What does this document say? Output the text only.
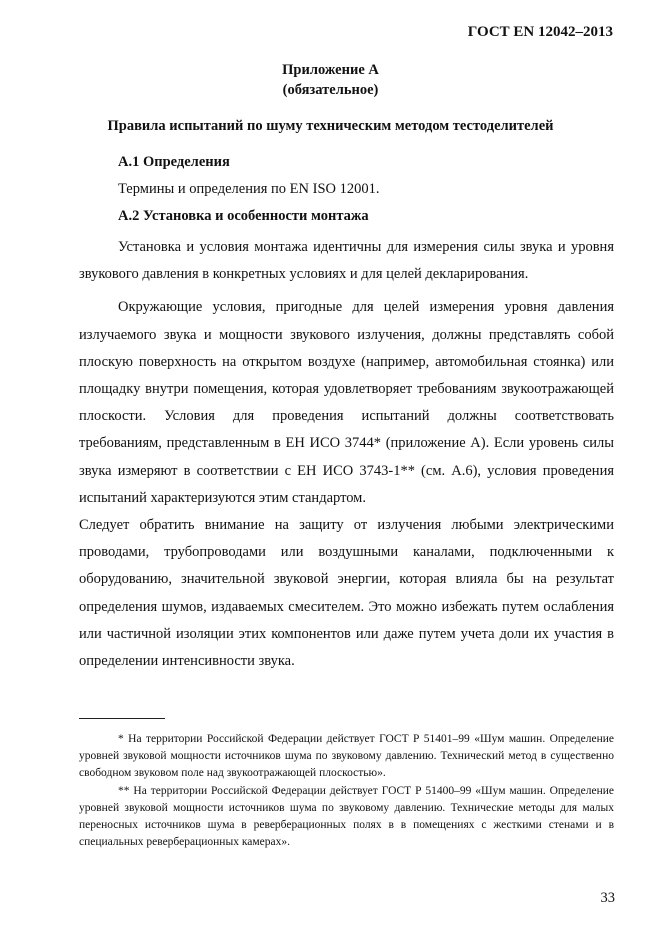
ГОСТ EN 12042–2013
Приложение А
(обязательное)
Правила испытаний по шуму техническим методом тестоделителей
А.1 Определения
Термины и определения по EN ISO 12001.
А.2 Установка и особенности монтажа

Установка и условия монтажа идентичны для измерения силы звука и уровня звукового давления в конкретных условиях и для целей декларирования.

Окружающие условия, пригодные для целей измерения уровня давления излучаемого звука и мощности звукового излучения, должны представлять собой плоскую поверхность на открытом воздухе (например, автомобильная стоянка) или площадку внутри помещения, которая удовлетворяет требованиям звукоотражающей плоскости. Условия для проведения испытаний должны соответствовать требованиям, представленным в ЕН ИСО 3744* (приложение А). Если уровень силы звука измеряют в соответствии с ЕН ИСО 3743-1** (см. А.6), условия проведения испытаний характеризуются этим стандартом.

Следует обратить внимание на защиту от излучения любыми электрическими проводами, трубопроводами или воздушными каналами, подключенными к оборудованию, значительной звуковой энергии, которая влияла бы на результат определения шумов, издаваемых смесителем. Это можно избежать путем ослабления или частичной изоляции этих компонентов или даже путем учета доли их участия в определении интенсивности звука.

* На территории Российской Федерации действует ГОСТ Р 51401–99 «Шум машин. Определение уровней звуковой мощности источников шума по звуковому давлению. Технический метод в существенно свободном звуковом поле над звукоотражающей плоскостью».

** На территории Российской Федерации действует ГОСТ Р 51400–99 «Шум машин. Определение уровней звуковой мощности источников шума по звуковому давлению. Технические методы для малых переносных источников шума в реверберационных полях в в помещениях с жесткими стенами и в специальных реверберационных камерах».

33
